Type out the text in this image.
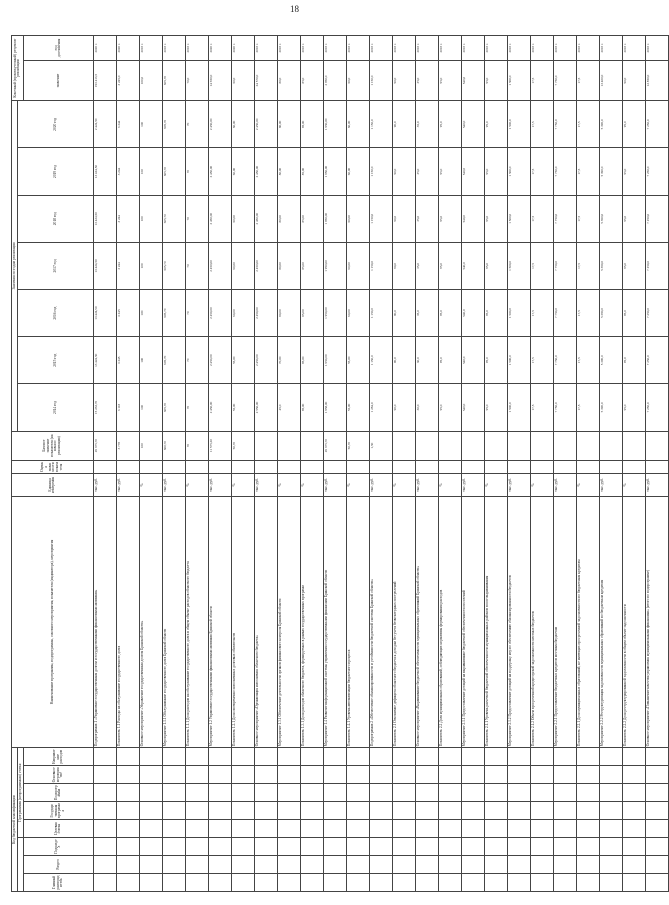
18
Код бюджетной классификации								Наименование программы, подпрограммы, основного мероприятия, показателя (индикатора), мероприятия	Единица измерения	Оценка значимости показателя	Базовое значение показателя (на начало реализации)	Значения по годам реализации							Конечный (промежуточный) результат реализации	
			Программная (непрограммная) статья									2014 год	2015 год	2016 год	2017 год	2018 год	2019 год	2020 год		
Главный распорядитель	Раздел	Подраздел	Целевая статья	Государственная программа	Подпрограмма	Основное мероприятие	Направление расходов												значение	год достижения
								Подпрограмма 1 «Управление государственным долгом и государственными финансовыми активами»	тыс. руб.		26 375,70	15 233,70	13 424,50	13 424,50	13 424,50	13 424,50	13 424,50	2 424,50	193 413,5	2020 г.
								Показатель 1.1 Расходы на обслуживание государственного долга	тыс. руб.		3 778	3 118	3 245	3 245	3 244	3 244	3 244	3 244	3 245,0	2020 г.
								Основное мероприятие «Управление государственным долгом Брянской области»	%		100	100	100	100	100	100	100	100	100,0	2018 г.
								Мероприятие 1.1.1 Обслуживание государственного долга Брянской области	тыс. руб.		600,70	605,70	605,70	605,70	605,70	605,70	605,70	605,70	605,70	2018 г.
								Показатель 1.1.1 Доля расходов на обслуживание государственного долга в общем объеме расходов областного бюджета	%		70	70	70	70	70	70	70	70	70,0	2018 г.
								Мероприятие 1.2 Управление государственными финансовыми активами Брянской области	тыс. руб.		11 575,20	2 450,00	2 450,00	2 450,00	2 450,00	2 450,00	2 450,00	2 450,00	14 650,0	2020 г.
								Показатель 1.2.1 Доля своевременно исполненных долговых обязательств	%		50,70	55,00	55,00	60,00	60,00	60,00	60,00	60,00	60,0	2020 г.
								Основное мероприятие «Организация исполнения областного бюджета»	тыс. руб.			2 550,00	2 450,00	2 450,00	2 450,00	2 450,00	2 450,00	2 450,00	24 570,0	2018 г.
								Мероприятие 1.3.1 Обеспечение деятельности органов финансового контроля Брянской области	%			45,0	70,00	80,00	80,00	80,00	80,00	80,00	80,0	2018 г.
								Показатель 1.3.1 Доля расходов областного бюджета, формируемых в рамках государственных программ	%			85,00	85,00	85,00	85,00	85,00	85,00	85,00	85,0	2018 г.
								Мероприятие 1.4 Развитие информационной системы управления государственными финансами Брянской области	тыс. руб.		26 375,70	1 958,00	1 950,00	1 950,00	1 950,00	1 950,00	1 950,00	1 950,00	2 950,0	2018 г.
								Показатель 1.4.1 Уровень автоматизации бюджетного процесса	%		50,70	55,00	55,00	60,00	60,00	60,00	60,00	60,00	60,0	2018 г.
								Подпрограмма 2 «Обеспечение сбалансированности и устойчивости бюджетной системы Брянской области»	тыс. руб.		1,50	1 284,0	1 150,0	1 150,0	1 150,0	1 150,0	1 150,0	1 150,0	1 150,0	2018 г.
								Показатель 2.1 Отношение дефицита областного бюджета к доходам без учета безвозмездных поступлений	%			90,0	90,0	90,0	90,0	90,0	90,0	90,0	90,0	2018 г.
								Основное мероприятие «Выравнивание бюджетной обеспеченности муниципальных образований Брянской области»	тыс. руб.			30,0	30,0	35,0	35,0	35,0	35,0	35,0	35,0	2018 г.
								Показатель 2.2 Доля муниципальных образований, соблюдающих нормативы формирования расходов	%			95,0	95,0	95,0	95,0	95,0	95,0	95,0	95,0	2018 г.
								Мероприятие 2.1.1 Предоставление дотаций на выравнивание бюджетной обеспеченности поселений	тыс. руб.			540,0	540,0	540,0	540,0	540,0	540,0	540,0	540,0	2018 г.
								Показатель 2.1.1 Уровень расчетной бюджетной обеспеченности муниципальных районов после выравнивания	%			95,0	95,0	95,0	95,0	95,0	95,0	95,0	95,0	2018 г.
								Мероприятие 2.1.2 Предоставление дотаций на поддержку мер по обеспечению сбалансированности бюджетов	тыс. руб.			1 500,0	1 500,0	1 500,0	1 500,0	1 500,0	1 500,0	1 500,0	1 500,0	2018 г.
								Показатель 2.1.2 Объем просроченной кредиторской задолженности местных бюджетов	%			17,5	17,5	17,5	17,5	17,5	17,5	17,5	17,5	2018 г.
								Мероприятие 2.2.1 Предоставление бюджетных кредитов местным бюджетам	тыс. руб.			7 750,0	7 750,0	7 750,0	7 750,0	7 750,0	7 750,0	7 750,0	7 750,0	2018 г.
								Показатель 2.2.1 Доля муниципальных образований, не имеющих просроченной задолженности по бюджетным кредитам	%			17,5	17,5	17,5	17,5	17,5	17,5	17,5	17,5	2018 г.
								Мероприятие 2.2.2 Реструктуризация задолженности муниципальных образований по бюджетным кредитам	тыс. руб.			5 390,0	5 390,0	5 390,0	5 390,0	5 390,0	5 390,0	5 390,0	13 400,0	2018 г.
								Показатель 2.2.2 Доля реструктурированной задолженности в общем объеме задолженности	%			95,0	95,0	95,0	95,0	95,0	95,0	95,0	90,0	2018 г.
								Основное мероприятие «Повышение качества управления муниципальными финансами» (итого по подпрограмме)	тыс. руб.			7 250,0	7 250,0	7 250,0	7 250,0	7 250,0	7 250,0	7 250,0	12 850,0	2018 г.
